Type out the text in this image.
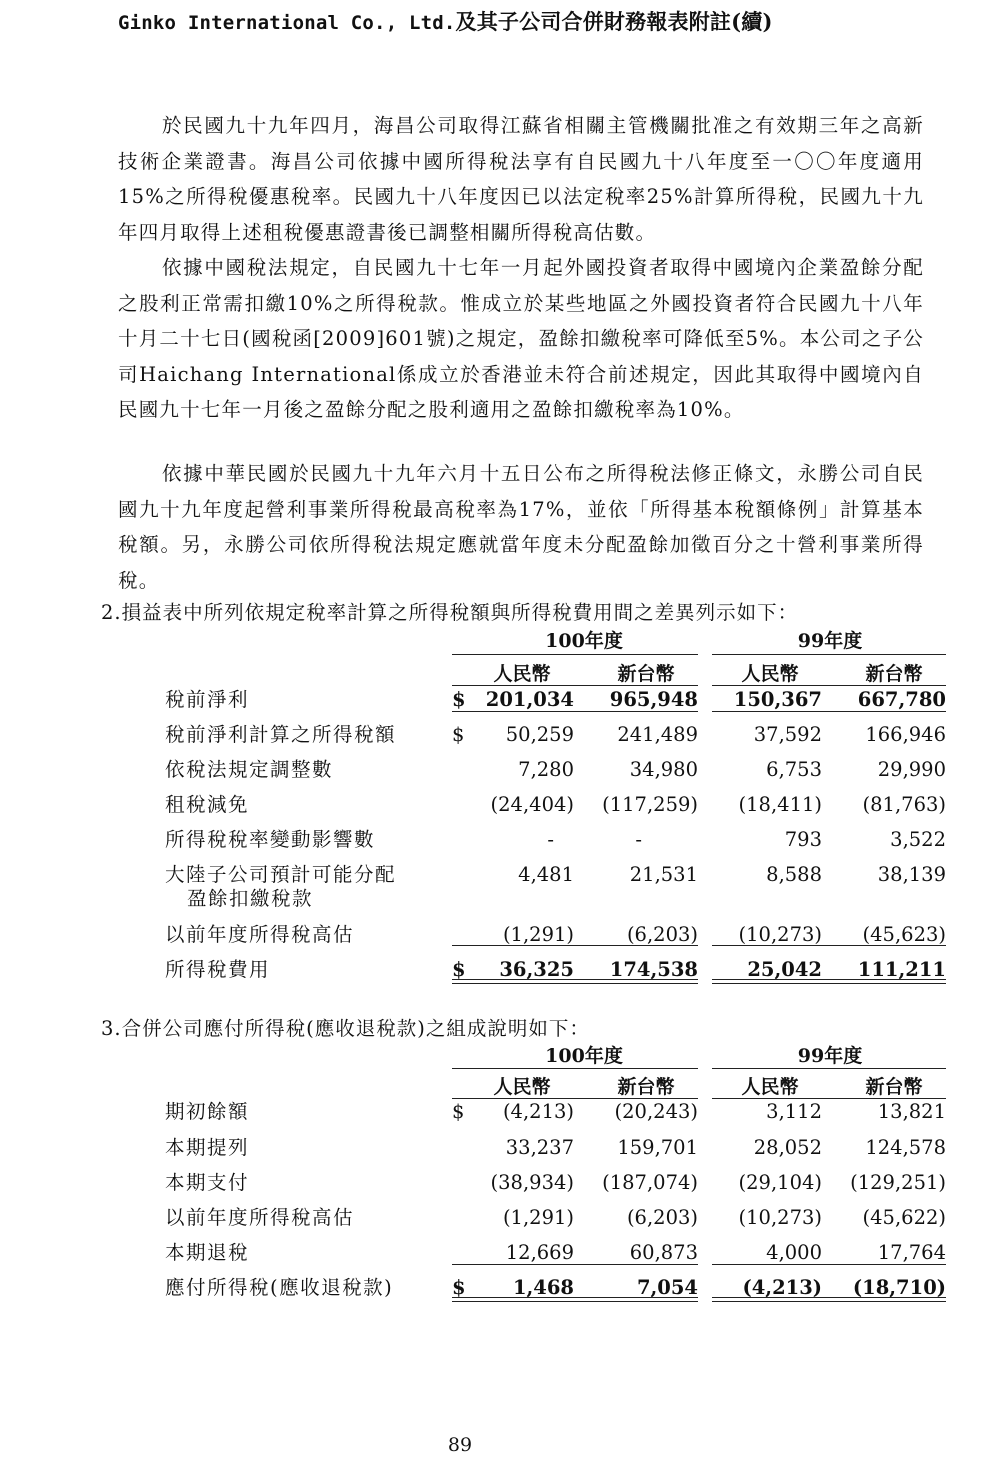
Ginko International Co., Ltd.及其子公司合併財務報表附註(續)

於民國九十九年四月，海昌公司取得江蘇省相關主管機關批准之有效期三年之高新技術企業證書。海昌公司依據中國所得稅法享有自民國九十八年度至一〇〇年度適用15%之所得稅優惠稅率。民國九十八年度因已以法定稅率25%計算所得稅，民國九十九年四月取得上述租稅優惠證書後已調整相關所得稅高估數。

依據中國稅法規定，自民國九十七年一月起外國投資者取得中國境內企業盈餘分配之股利正常需扣繳10%之所得稅款。惟成立於某些地區之外國投資者符合民國九十八年十月二十七日(國稅函[2009]601號)之規定，盈餘扣繳稅率可降低至5%。本公司之子公司Haichang International係成立於香港並未符合前述規定，因此其取得中國境內自民國九十七年一月後之盈餘分配之股利適用之盈餘扣繳稅率為10%。

依據中華民國於民國九十九年六月十五日公布之所得稅法修正條文，永勝公司自民國九十九年度起營利事業所得稅最高稅率為17%，並依「所得基本稅額條例」計算基本稅額。另，永勝公司依所得稅法規定應就當年度未分配盈餘加徵百分之十營利事業所得稅。

2.損益表中所列依規定稅率計算之所得稅額與所得稅費用間之差異列示如下：

100年度	99年度
人民幣	新台幣	人民幣	新台幣
稅前淨利	$	201,034	965,948	150,367	667,780
稅前淨利計算之所得稅額	$	50,259	241,489	37,592	166,946
依稅法規定調整數	7,280	34,980	6,753	29,990
租稅減免	(24,404)	(117,259)	(18,411)	(81,763)
所得稅稅率變動影響數	-	-	793	3,522
大陸子公司預計可能分配
盈餘扣繳稅款
4,481	21,531	8,588	38,139
以前年度所得稅高估	(1,291)	(6,203)	(10,273)	(45,623)
所得稅費用	$	36,325	174,538	25,042	111,211

3.合併公司應付所得稅(應收退稅款)之組成說明如下：

100年度	99年度
人民幣	新台幣	人民幣	新台幣
期初餘額	$	(4,213)	(20,243)	3,112	13,821
本期提列	33,237	159,701	28,052	124,578
本期支付	(38,934)	(187,074)	(29,104)	(129,251)
以前年度所得稅高估	(1,291)	(6,203)	(10,273)	(45,622)
本期退稅	12,669	60,873	4,000	17,764
應付所得稅(應收退稅款)	$	1,468	7,054	(4,213)	(18,710)
89
